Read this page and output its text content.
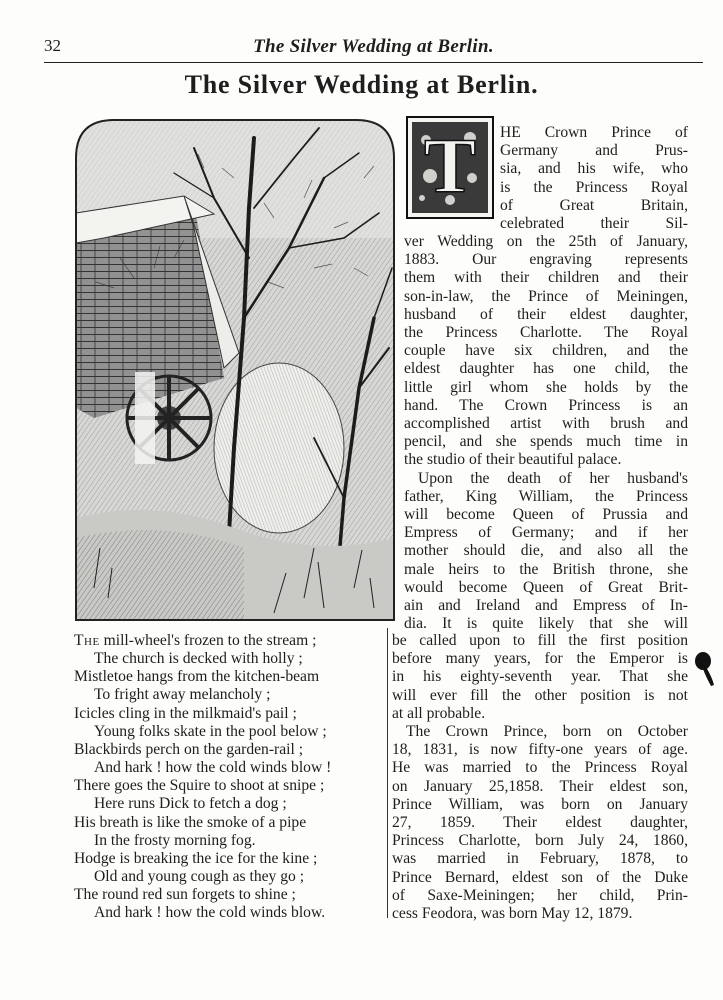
32	The Silver Wedding at Berlin.
The Silver Wedding at Berlin.
T HE Crown Prince of
Germany and Prus-
sia, and his wife, who
is the Princess Royal
of Great Britain,
celebrated their Sil-
ver Wedding on the 25th of January,
1883. Our engraving represents
them with their children and their
son-in-law, the Prince of Meiningen,
husband of their eldest daughter,
the Princess Charlotte. The Royal
couple have six children, and the
eldest daughter has one child, the
little girl whom she holds by the
hand. The Crown Princess is an
accomplished artist with brush and
pencil, and she spends much time in
the studio of their beautiful palace.
Upon the death of her husband's
father, King William, the Princess
will become Queen of Prussia and
Empress of Germany; and if her
mother should die, and also all the
male heirs to the British throne, she
would become Queen of Great Brit-
ain and Ireland and Empress of In-
dia. It is quite likely that she will
The mill-wheel's frozen to the stream ;
The church is decked with holly ;
Mistletoe hangs from the kitchen-beam
To fright away melancholy ;
Icicles cling in the milkmaid's pail ;
Young folks skate in the pool below ;
Blackbirds perch on the garden-rail ;
And hark ! how the cold winds blow !
There goes the Squire to shoot at snipe ;
Here runs Dick to fetch a dog ;
His breath is like the smoke of a pipe
In the frosty morning fog.
Hodge is breaking the ice for the kine ;
Old and young cough as they go ;
The round red sun forgets to shine ;
And hark ! how the cold winds blow.
be called upon to fill the first position
before many years, for the Emperor is
in his eighty-seventh year. That she
will ever fill the other position is not
at all probable.
The Crown Prince, born on October
18, 1831, is now fifty-one years of age.
He was married to the Princess Royal
on January 25,1858. Their eldest son,
Prince William, was born on January
27, 1859. Their eldest daughter,
Princess Charlotte, born July 24, 1860,
was married in February, 1878, to
Prince Bernard, eldest son of the Duke
of Saxe-Meiningen; her child, Prin-
cess Feodora, was born May 12, 1879.
